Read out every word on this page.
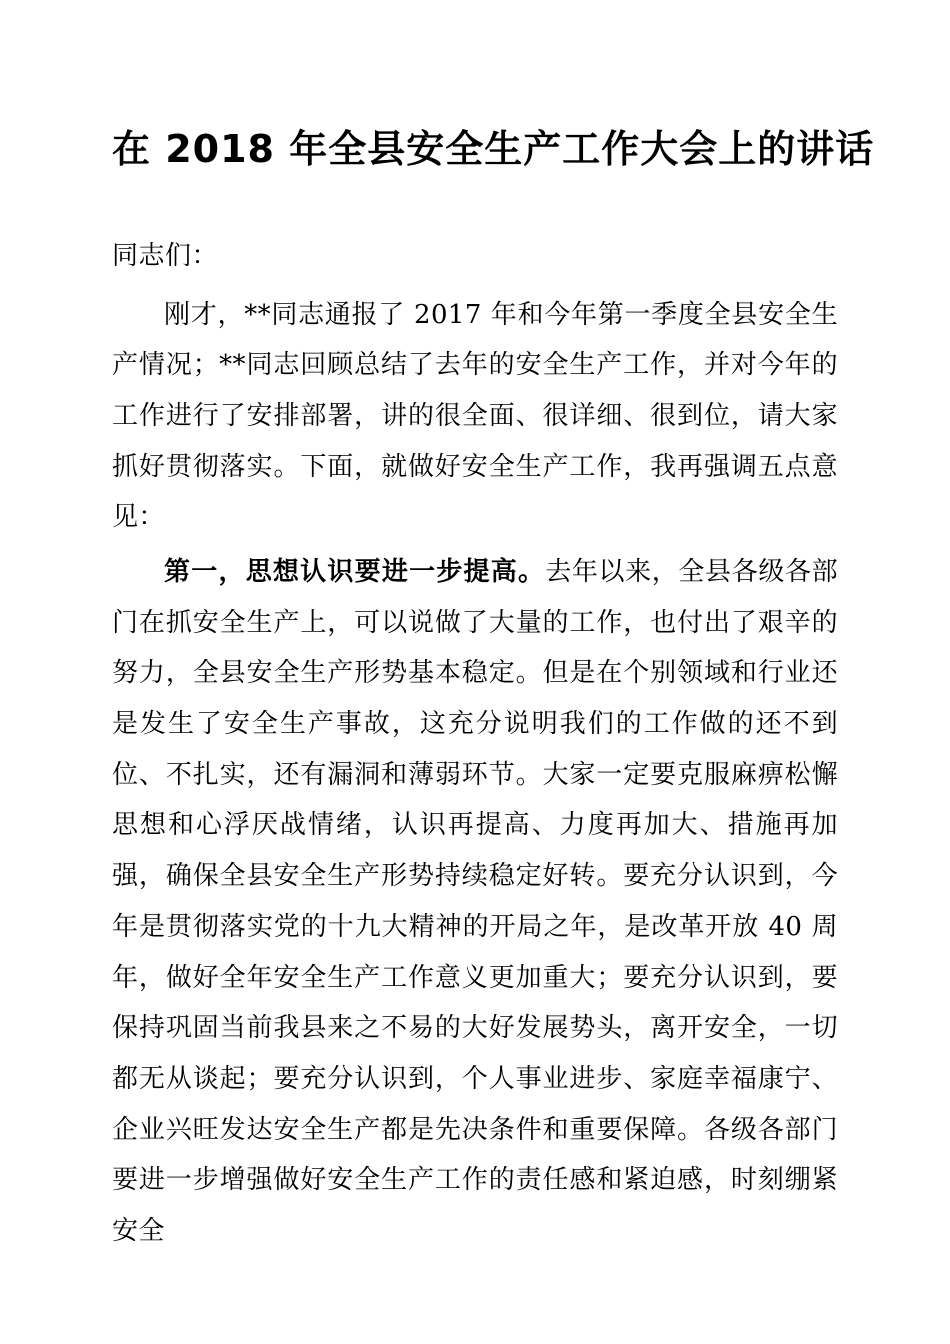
在 2018 年全县安全生产工作大会上的讲话
同志们：

刚才，**同志通报了 2017 年和今年第一季度全县安全生产情况；**同志回顾总结了去年的安全生产工作，并对今年的工作进行了安排部署，讲的很全面、很详细、很到位，请大家抓好贯彻落实。下面，就做好安全生产工作，我再强调五点意见：

第一，思想认识要进一步提高。去年以来，全县各级各部门在抓安全生产上，可以说做了大量的工作，也付出了艰辛的努力，全县安全生产形势基本稳定。但是在个别领域和行业还是发生了安全生产事故，这充分说明我们的工作做的还不到位、不扎实，还有漏洞和薄弱环节。大家一定要克服麻痹松懈思想和心浮厌战情绪，认识再提高、力度再加大、措施再加强，确保全县安全生产形势持续稳定好转。要充分认识到，今年是贯彻落实党的十九大精神的开局之年，是改革开放 40 周年，做好全年安全生产工作意义更加重大；要充分认识到，要保持巩固当前我县来之不易的大好发展势头，离开安全，一切都无从谈起；要充分认识到，个人事业进步、家庭幸福康宁、企业兴旺发达安全生产都是先决条件和重要保障。各级各部门要进一步增强做好安全生产工作的责任感和紧迫感，时刻绷紧安全
